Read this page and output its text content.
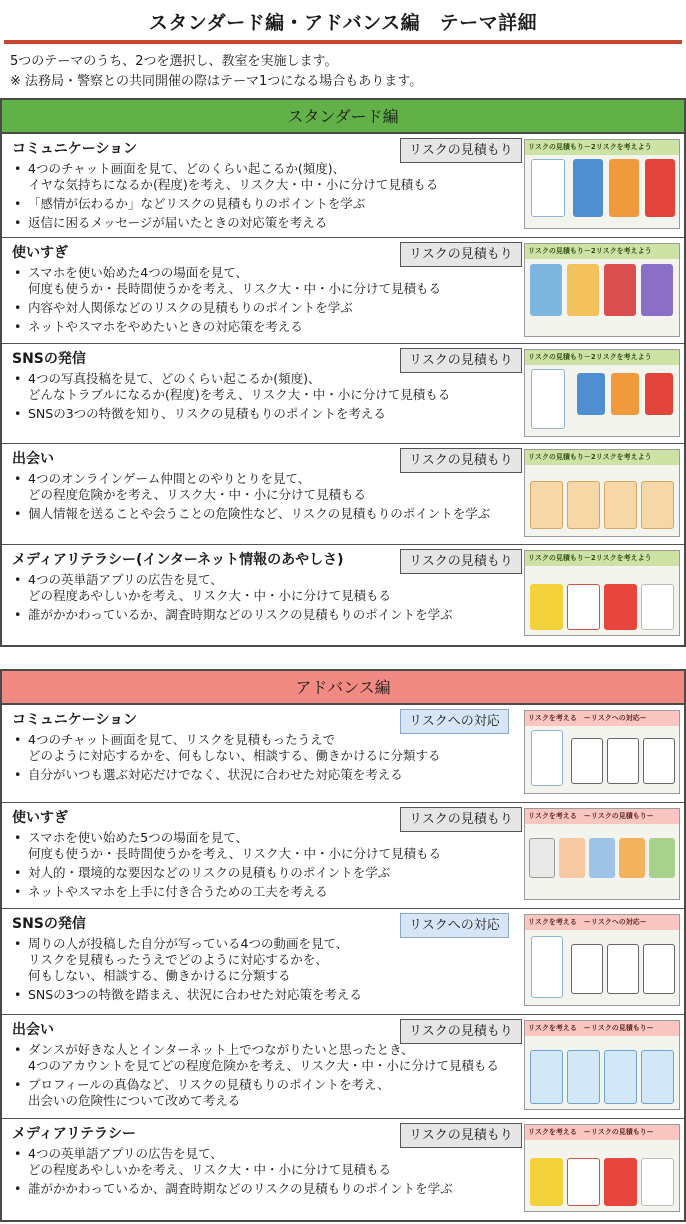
スタンダード編・アドバンス編　テーマ詳細
5つのテーマのうち、2つを選択し、教室を実施します。
※ 法務局・警察との共同開催の際はテーマ1つになる場合もあります。
スタンダード編
コミュニケーション	リスクの見積もり
• 4つのチャット画面を見て、どのくらい起こるか(頻度)、
イヤな気持ちになるか(程度)を考え、リスク大・中・小に分けて見積もる
• 「感情が伝わるか」などリスクの見積もりのポイントを学ぶ
• 返信に困るメッセージが届いたときの対応策を考える
リスクの見積もり－2リスクを考えよう
使いすぎ	リスクの見積もり
• スマホを使い始めた4つの場面を見て、
何度も使うか・長時間使うかを考え、リスク大・中・小に分けて見積もる
• 内容や対人関係などのリスクの見積もりのポイントを学ぶ
• ネットやスマホをやめたいときの対応策を考える
リスクの見積もり－2リスクを考えよう
SNSの発信	リスクの見積もり
• 4つの写真投稿を見て、どのくらい起こるか(頻度)、
どんなトラブルになるか(程度)を考え、リスク大・中・小に分けて見積もる
• SNSの3つの特徴を知り、リスクの見積もりのポイントを考える
リスクの見積もり－2リスクを考えよう
出会い	リスクの見積もり
• 4つのオンラインゲーム仲間とのやりとりを見て、
どの程度危険かを考え、リスク大・中・小に分けて見積もる
• 個人情報を送ることや会うことの危険性など、リスクの見積もりのポイントを学ぶ
リスクの見積もり－2リスクを考えよう
メディアリテラシー(インターネット情報のあやしさ)	リスクの見積もり
• 4つの英単語アプリの広告を見て、
どの程度あやしいかを考え、リスク大・中・小に分けて見積もる
• 誰がかかわっているか、調査時期などのリスクの見積もりのポイントを学ぶ
リスクの見積もり－2リスクを考えよう
アドバンス編
コミュニケーション	リスクへの対応
• 4つのチャット画面を見て、リスクを見積もったうえで
どのように対応するかを、何もしない、相談する、働きかけるに分類する
• 自分がいつも選ぶ対応だけでなく、状況に合わせた対応策を考える
リスクを考える　ーリスクへの対応ー
使いすぎ	リスクの見積もり
• スマホを使い始めた5つの場面を見て、
何度も使うか・長時間使うかを考え、リスク大・中・小に分けて見積もる
• 対人的・環境的な要因などのリスクの見積もりのポイントを学ぶ
• ネットやスマホを上手に付き合うための工夫を考える
リスクを考える　ーリスクの見積もりー
SNSの発信	リスクへの対応
• 周りの人が投稿した自分が写っている4つの動画を見て、
リスクを見積もったうえでどのように対応するかを、
何もしない、相談する、働きかけるに分類する
• SNSの3つの特徴を踏まえ、状況に合わせた対応策を考える
リスクを考える　ーリスクへの対応ー
出会い	リスクの見積もり
• ダンスが好きな人とインターネット上でつながりたいと思ったとき、
4つのアカウントを見てどの程度危険かを考え、リスク大・中・小に分けて見積もる
• プロフィールの真偽など、リスクの見積もりのポイントを考え、
出会いの危険性について改めて考える
リスクを考える　ーリスクの見積もりー
メディアリテラシー	リスクの見積もり
• 4つの英単語アプリの広告を見て、
どの程度あやしいかを考え、リスク大・中・小に分けて見積もる
• 誰がかかわっているか、調査時期などのリスクの見積もりのポイントを学ぶ
リスクを考える　ーリスクの見積もりー
